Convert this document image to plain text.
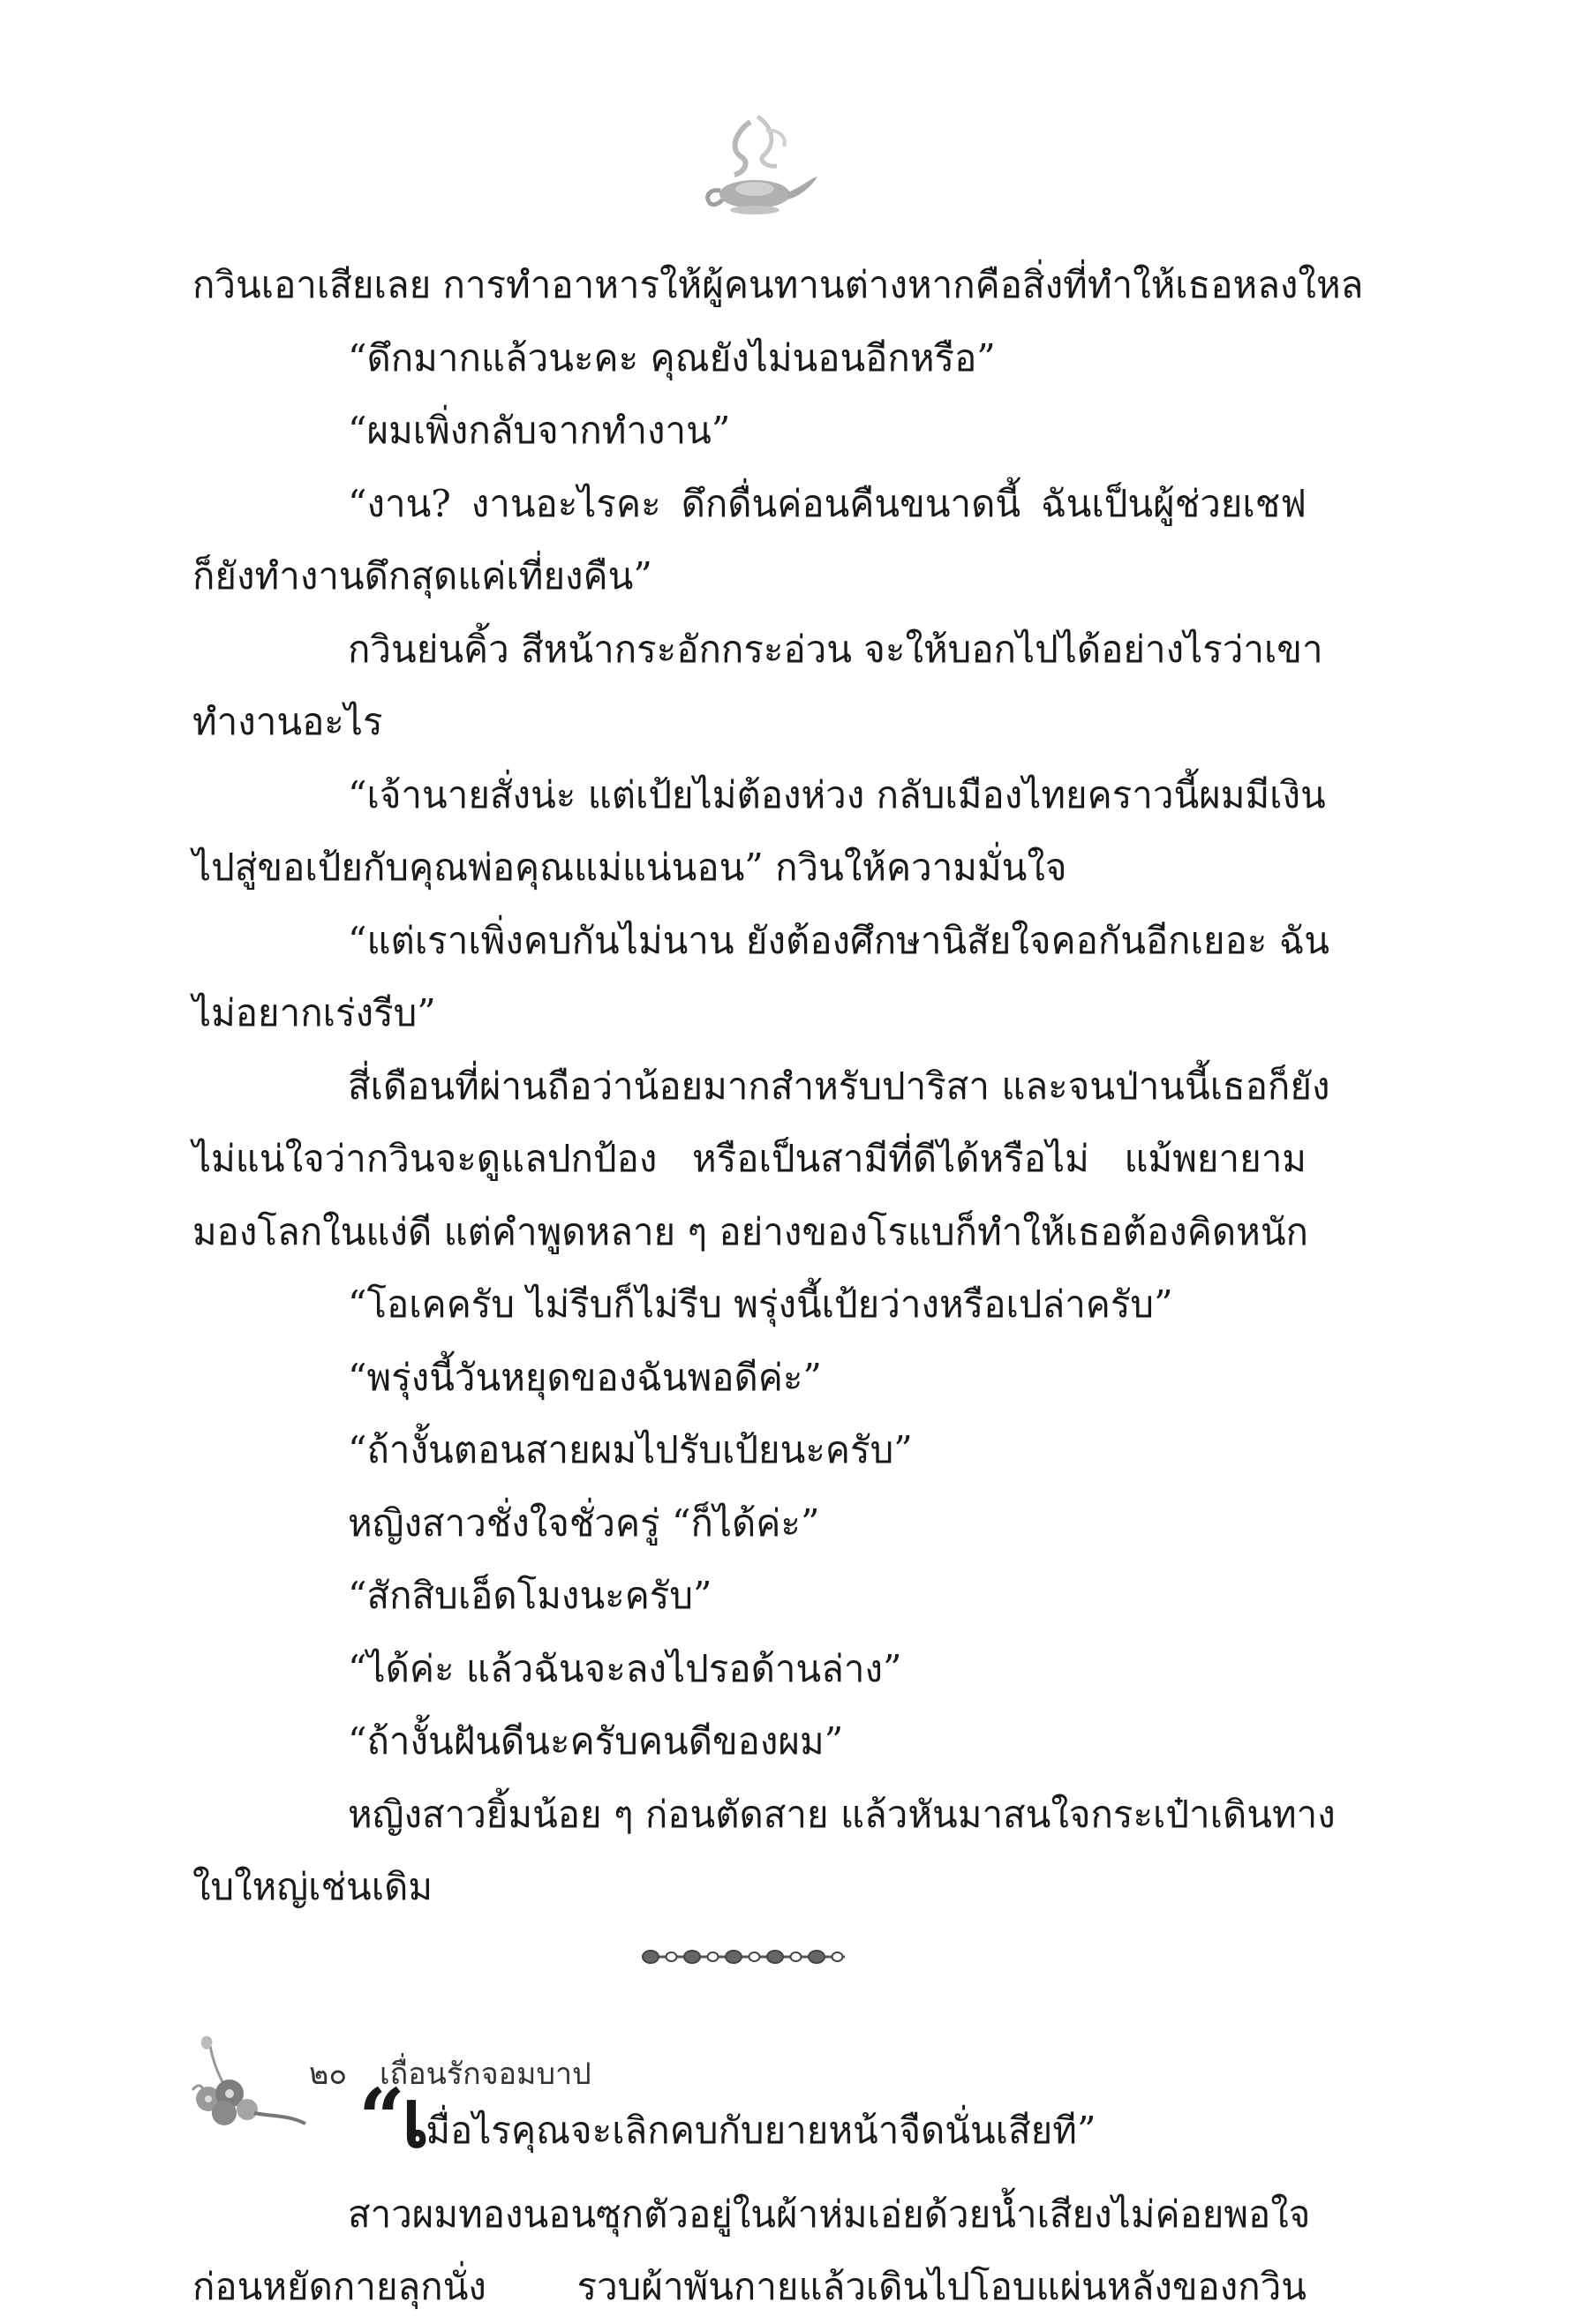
กวินเอาเสียเลย การทำอาหารให้ผู้คนทานต่างหากคือสิ่งที่ทำให้เธอหลงใหล
“ดึกมากแล้วนะคะ คุณยังไม่นอนอีกหรือ”
“ผมเพิ่งกลับจากทำงาน”
“งาน? งานอะไรคะ ดึกดื่นค่อนคืนขนาดนี้ ฉันเป็นผู้ช่วยเชฟ
ก็ยังทำงานดึกสุดแค่เที่ยงคืน”
กวินย่นคิ้ว สีหน้ากระอักกระอ่วน จะให้บอกไปได้อย่างไรว่าเขา
ทำงานอะไร
“เจ้านายสั่งน่ะ แต่เป้ยไม่ต้องห่วง กลับเมืองไทยคราวนี้ผมมีเงิน
ไปสู่ขอเป้ยกับคุณพ่อคุณแม่แน่นอน” กวินให้ความมั่นใจ
“แต่เราเพิ่งคบกันไม่นาน ยังต้องศึกษานิสัยใจคอกันอีกเยอะ ฉัน
ไม่อยากเร่งรีบ”
สี่เดือนที่ผ่านถือว่าน้อยมากสำหรับปาริสา และจนป่านนี้เธอก็ยัง
ไม่แน่ใจว่ากวินจะดูแลปกป้อง หรือเป็นสามีที่ดีได้หรือไม่ แม้พยายาม
มองโลกในแง่ดี แต่คำพูดหลาย ๆ อย่างของโรแบก็ทำให้เธอต้องคิดหนัก
“โอเคครับ ไม่รีบก็ไม่รีบ พรุ่งนี้เป้ยว่างหรือเปล่าครับ”
“พรุ่งนี้วันหยุดของฉันพอดีค่ะ”
“ถ้างั้นตอนสายผมไปรับเป้ยนะครับ”
หญิงสาวชั่งใจชั่วครู่ “ก็ได้ค่ะ”
“สักสิบเอ็ดโมงนะครับ”
“ได้ค่ะ แล้วฉันจะลงไปรอด้านล่าง”
“ถ้างั้นฝันดีนะครับคนดีของผม”
หญิงสาวยิ้มน้อย ๆ ก่อนตัดสาย แล้วหันมาสนใจกระเป๋าเดินทาง
ใบใหญ่เช่นเดิม
“เมื่อไรคุณจะเลิกคบกับยายหน้าจืดนั่นเสียที”
สาวผมทองนอนซุกตัวอยู่ในผ้าห่มเอ่ยด้วยน้ำเสียงไม่ค่อยพอใจ
ก่อนหยัดกายลุกนั่ง รวบผ้าพันกายแล้วเดินไปโอบแผ่นหลังของกวิน
๒๐ เถื่อนรักจอมบาป
